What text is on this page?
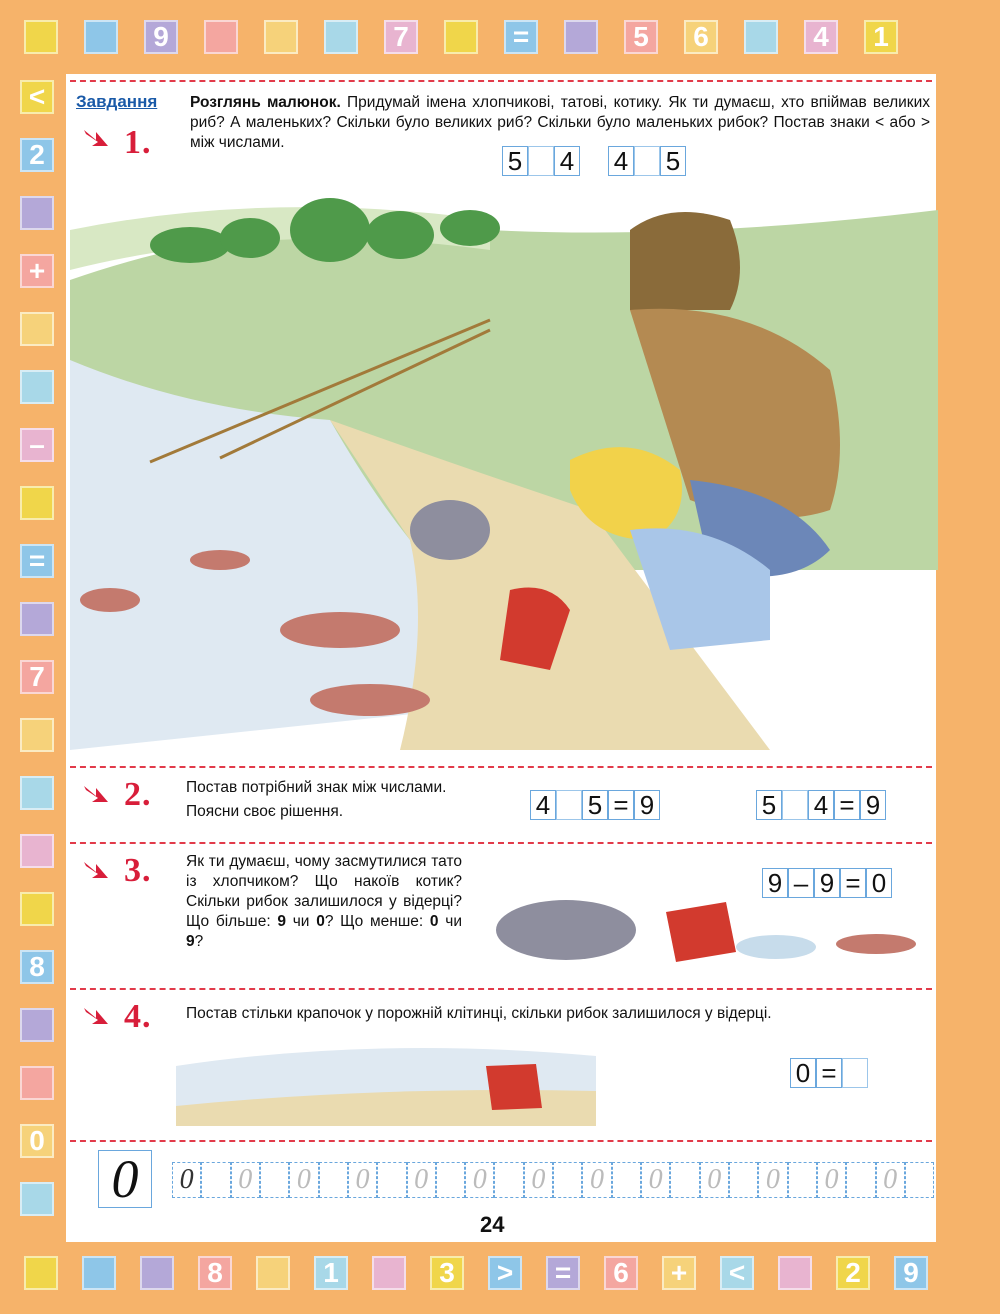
9	7	=	5	6	4	1
<
2
+
–
=
7
8
0
8	1	3	>	=	6	+	<	2	9
Завдання
1.
Розглянь малюнок. Придумай імена хлопчикові, татові, котику. Як ти думаєш, хто впіймав великих риб? А маленьких? Скільки було великих риб? Скільки було маленьких рибок? Постав знаки < або > між числами.
5 4 4 5
2. Постав потрібний знак між числами.
Поясни своє рішення.	4 5 = 9	5 4 = 9
3. Як ти думаєш, чому засмутилися тато із хлопчиком? Що накоїв котик? Скільки рибок залишилося у відерці? Що більше: 9 чи 0? Що менше: 0 чи 9?
9 – 9 = 0
4. Постав стільки крапочок у порожній клітинці, скільки рибок залишилося у відерці.
0 =
0	0 0 0 0 0 0 0 0 0 0 0 0 0
24
